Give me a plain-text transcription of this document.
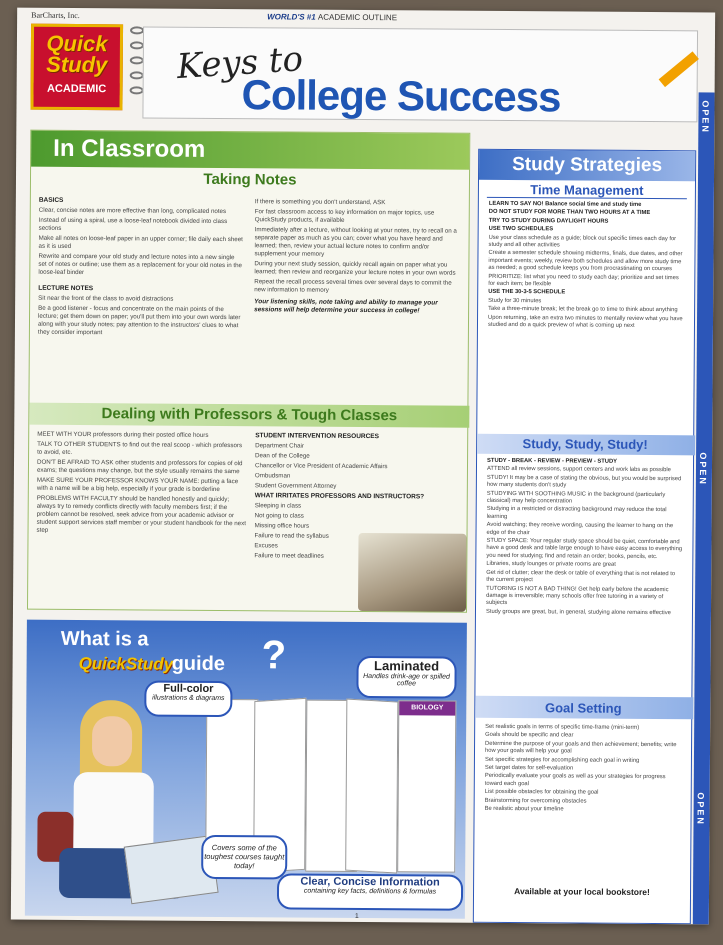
BarCharts, Inc.	WORLD'S #1 ACADEMIC OUTLINE
Quick
Study
ACADEMIC
Keys to
College Success	OPEN
OPEN
OPEN
In Classroom
Taking Notes

BASICS

Clear, concise notes are more effective than long, complicated notes

Instead of using a spiral, use a loose-leaf notebook divided into class sections

Make all notes on loose-leaf paper in an upper corner; file daily each sheet as it is used

Rewrite and compare your old study and lecture notes into a new single set of notes or outline; use them as a replacement for your old notes in the loose-leaf binder

LECTURE NOTES

Sit near the front of the class to avoid distractions

Be a good listener - focus and concentrate on the main points of the lecture; get them down on paper; you'll put them into your own words later along with your study notes; pay attention to the instructors' clues to what they consider important

If there is something you don't understand, ASK

For fast classroom access to key information on major topics, use QuickStudy products, if available

Immediately after a lecture, without looking at your notes, try to recall on a separate paper as much as you can; cover what you have heard and learned; then, review your actual lecture notes to confirm and/or supplement your memory

During your next study session, quickly recall again on paper what you learned; then review and reorganize your lecture notes in your own words

Repeat the recall process several times over several days to commit the new information to memory

Your listening skills, note taking and ability to manage your sessions will help determine your success in college!

Dealing with Professors & Tough Classes

MEET WITH YOUR professors during their posted office hours

TALK TO OTHER STUDENTS to find out the real scoop - which professors to avoid, etc.

DON'T BE AFRAID TO ASK other students and professors for copies of old exams; the questions may change, but the style usually remains the same

MAKE SURE YOUR PROFESSOR KNOWS YOUR NAME: putting a face with a name will be a big help, especially if your grade is borderline

PROBLEMS WITH FACULTY should be handled honestly and quickly; always try to remedy conflicts directly with faculty members first; if the problem cannot be resolved, seek advice from your academic advisor or student support services staff member or your student handbook for the next step

STUDENT INTERVENTION RESOURCES

Department Chair

Dean of the College

Chancellor or Vice President of Academic Affairs

Ombudsman

Student Government Attorney

WHAT IRRITATES PROFESSORS AND INSTRUCTORS?

Sleeping in class

Not going to class

Missing office hours

Failure to read the syllabus

Excuses

Failure to meet deadlines

What is a
QuickStudy
guide ?
BIOLOGY
Laminated
Handles drink-age or spilled coffee
Full-color
illustrations & diagrams
Covers some of the toughest courses taught today!
Clear, Concise Information
containing key facts, definitions & formulas
Study Strategies
Time Management

LEARN TO SAY NO! Balance social time and study time

DO NOT STUDY FOR MORE THAN TWO HOURS AT A TIME

TRY TO STUDY DURING DAYLIGHT HOURS

USE TWO SCHEDULES

Use your class schedule as a guide; block out specific times each day for study and all other activities

Create a semester schedule showing midterms, finals, due dates, and other important events; weekly, review both schedules and allow more study time as needed; a good schedule keeps you from procrastinating on courses

PRIORITIZE: list what you need to study each day; prioritize and set times for each item; be flexible

USE THE 30-3-5 SCHEDULE

Study for 30 minutes

Take a three-minute break; let the break go to time to think about anything

Upon returning, take an extra two minutes to mentally review what you have studied and do a quick preview of what is coming up next

Study, Study, Study!

STUDY - BREAK - REVIEW - PREVIEW - STUDY

ATTEND all review sessions, support centers and work labs as possible

STUDY! It may be a case of stating the obvious, but you would be surprised how many students don't study

STUDYING WITH SOOTHING MUSIC in the background (particularly classical) may help concentration

Studying in a restricted or distracting background may reduce the total learning

Avoid watching; they receive wording, causing the learner to hang on the edge of the chair

STUDY SPACE: Your regular study space should be quiet, comfortable and have a good desk and table large enough to have easy access to everything you need for studying; find and retain an order; books, pencils, etc.

Libraries, study lounges or private rooms are great

Get rid of clutter; clear the desk or table of everything that is not related to the current project

TUTORING IS NOT A BAD THING! Get help early before the academic damage is irreversible; many schools offer free tutoring in a variety of subjects

Study groups are great, but, in general, studying alone remains effective

Goal Setting

Set realistic goals in terms of specific time-frame (mini-term)

Goals should be specific and clear

Determine the purpose of your goals and then achievement; benefits; write how your goals will help your goal

Set specific strategies for accomplishing each goal in writing

Set target dates for self-evaluation

Periodically evaluate your goals as well as your strategies for progress toward each goal

List possible obstacles for obtaining the goal

Brainstorming for overcoming obstacles

Be realistic about your timeline

Available at your local bookstore!
1
